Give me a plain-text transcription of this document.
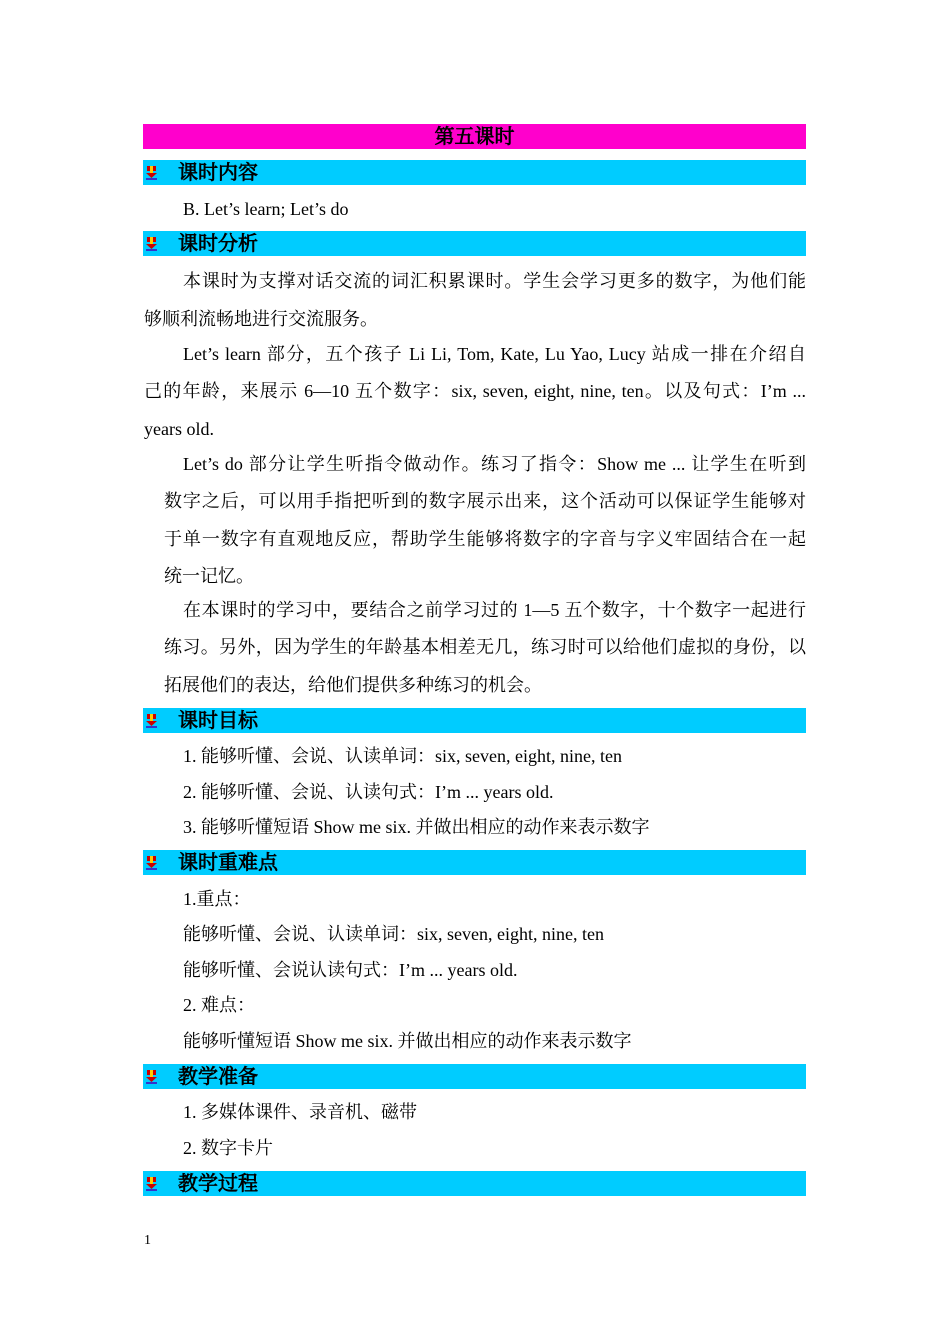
第五课时
课时内容
B. Let’s learn; Let’s do
课时分析
本课时为支撑对话交流的词汇积累课时。学生会学习更多的数字，为他们能
够顺利流畅地进行交流服务。
Let’s learn 部分，五个孩子 Li Li, Tom, Kate, Lu Yao, Lucy 站成一排在介绍自
己的年龄，来展示 6—10 五个数字：six, seven, eight, nine, ten。以及句式：I’m ...
years old.
Let’s do 部分让学生听指令做动作。练习了指令：Show me ... 让学生在听到
数字之后，可以用手指把听到的数字展示出来，这个活动可以保证学生能够对
于单一数字有直观地反应，帮助学生能够将数字的字音与字义牢固结合在一起
统一记忆。
在本课时的学习中，要结合之前学习过的 1—5 五个数字，十个数字一起进行
练习。另外，因为学生的年龄基本相差无几，练习时可以给他们虚拟的身份，以
拓展他们的表达，给他们提供多种练习的机会。
课时目标
1. 能够听懂、会说、认读单词：six, seven, eight, nine, ten
2. 能够听懂、会说、认读句式：I’m ... years old.
3. 能够听懂短语 Show me six. 并做出相应的动作来表示数字
课时重难点
1.重点：
能够听懂、会说、认读单词：six, seven, eight, nine, ten
能够听懂、会说认读句式：I’m ... years old.
2. 难点：
能够听懂短语 Show me six. 并做出相应的动作来表示数字
教学准备
1. 多媒体课件、录音机、磁带
2. 数字卡片
教学过程
1
